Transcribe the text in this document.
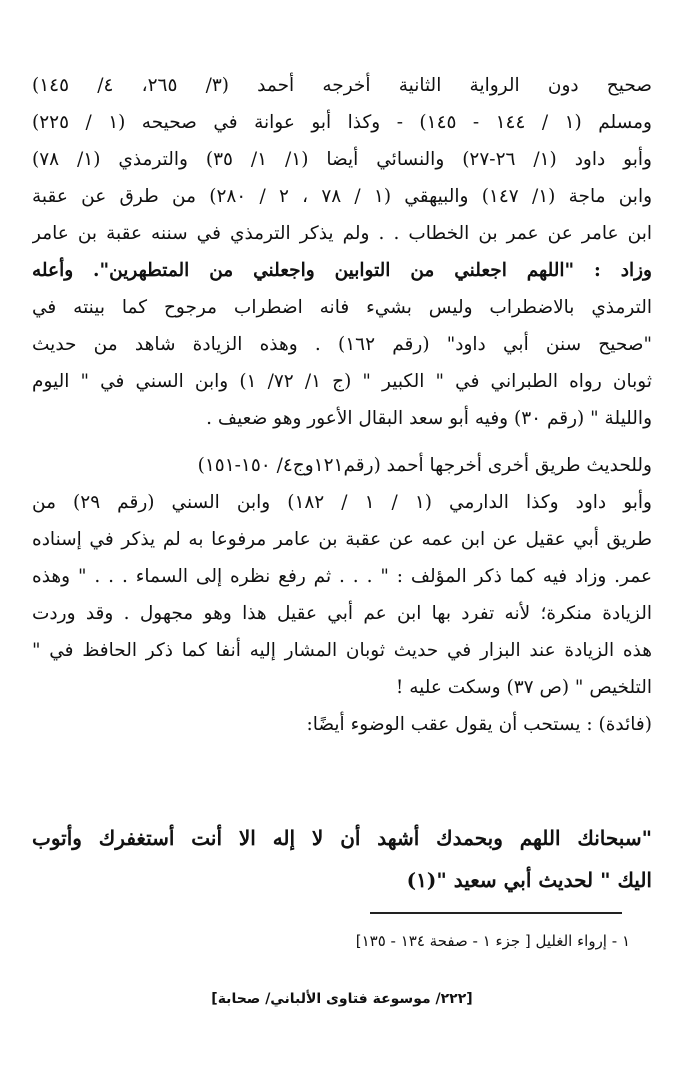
صحيح دون الرواية الثانية أخرجه أحمد (٣/ ٢٦٥، ٤/ ١٤٥)
ومسلم (١ / ١٤٤ - ١٤٥) - وكذا أبو عوانة في صحيحه (١ / ٢٢٥)
وأبو داود (١/ ٢٦-٢٧) والنسائي أيضا (١/ ١/ ٣٥) والترمذي (١/ ٧٨)
وابن ماجة (١/ ١٤٧) والبيهقي (١ / ٧٨ ، ٢ / ٢٨٠) من طرق عن عقبة
ابن عامر عن عمر بن الخطاب . . ولم يذكر الترمذي في سننه عقبة بن عامر
وزاد : "اللهم اجعلني من التوابين واجعلني من المتطهرين". وأعله
الترمذي بالاضطراب وليس بشيء فانه اضطراب مرجوح كما بينته في
"صحيح سنن أبي داود" (رقم ١٦٢) . وهذه الزيادة شاهد من حديث
ثوبان رواه الطبراني في " الكبير " (ج ١/ ٧٢/ ١) وابن السني في " اليوم
والليلة " (رقم ٣٠) وفيه أبو سعد البقال الأعور وهو ضعيف .
وللحديث طريق أخرى أخرجها أحمد (رقم١٢١وج٤/ ١٥٠-١٥١)
وأبو داود وكذا الدارمي (١ / ١ / ١٨٢) وابن السني (رقم ٢٩) من
طريق أبي عقيل عن ابن عمه عن عقبة بن عامر مرفوعا به لم يذكر في إسناده
عمر. وزاد فيه كما ذكر المؤلف : " . . . ثم رفع نظره إلى السماء . . . " وهذه
الزيادة منكرة؛ لأنه تفرد بها ابن عم أبي عقيل هذا وهو مجهول . وقد وردت
هذه الزيادة عند البزار في حديث ثوبان المشار إليه أنفا كما ذكر الحافظ في "
التلخيص " (ص ٣٧) وسكت عليه !
(فائدة) : يستحب أن يقول عقب الوضوء أيضًا:
"سبحانك اللهم وبحمدك أشهد أن لا إله الا أنت أستغفرك وأتوب
اليك " لحديث أبي سعيد "(١)
١ - إرواء الغليل [ جزء ١ - صفحة ١٣٤ - ١٣٥]
[٢٢٢/ موسوعة فتاوى الألباني/ صحابة]
